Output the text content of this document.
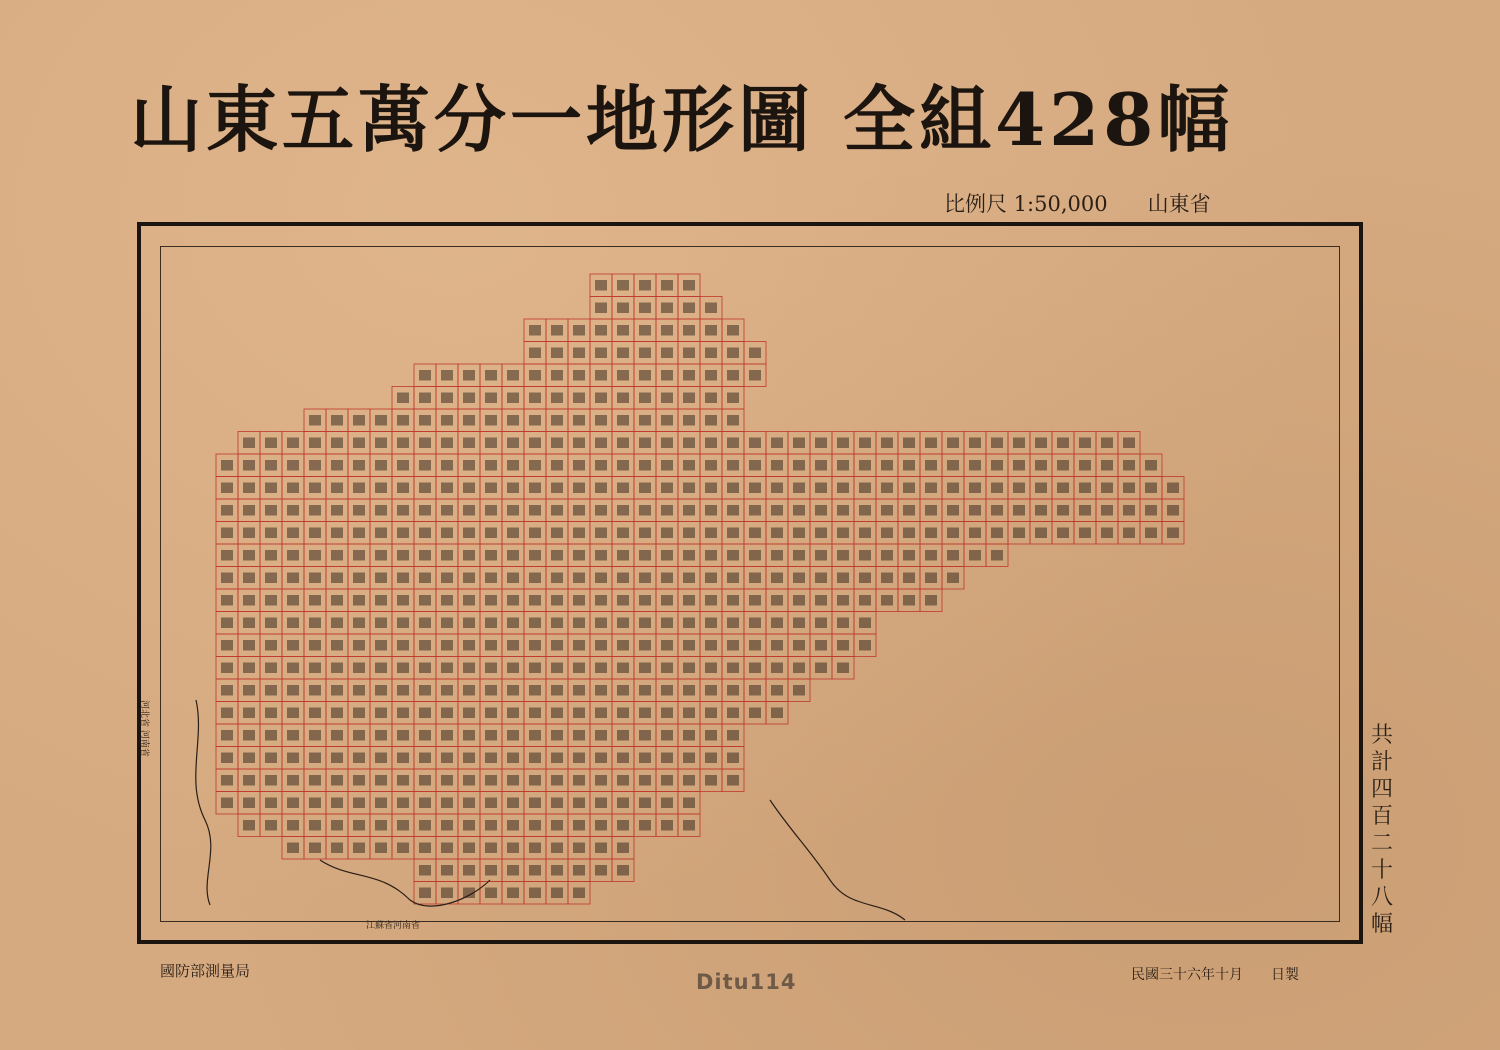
山東五萬分一地形圖 全組428幅
比例尺 1:50,000 山東省
河北省 河南省
江蘇省河南省
共
計
四
百
二
十
八
幅
國防部測量局	Ditu114	民國三十六年十月 日製
